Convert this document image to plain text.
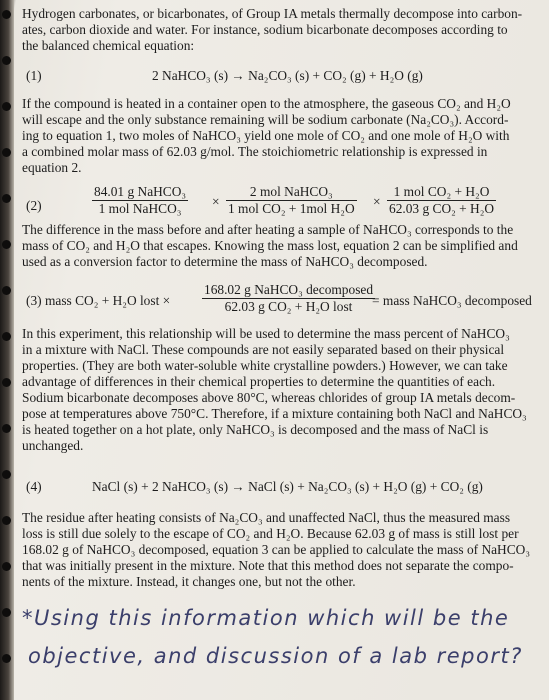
Hydrogen carbonates, or bicarbonates, of Group IA metals thermally decompose into carbon-
ates, carbon dioxide and water. For instance, sodium bicarbonate decomposes according to
the balanced chemical equation:
(1)	2 NaHCO₃ (s) → Na₂CO₃ (s) + CO₂ (g) + H₂O (g)
If the compound is heated in a container open to the atmosphere, the gaseous CO₂ and H₂O
will escape and the only substance remaining will be sodium carbonate (Na₂CO₃). Accord-
ing to equation 1, two moles of NaHCO₃ yield one mole of CO₂ and one mole of H₂O with
a combined molar mass of 62.03 g/mol. The stoichiometric relationship is expressed in
equation 2.
(2)
84.01 g NaHCO₃
1 mol NaHCO₃	×
2 mol NaHCO₃
1 mol CO₂ + 1mol H₂O ×
1 mol CO₂ + H₂O
62.03 g CO₂ + H₂O
The difference in the mass before and after heating a sample of NaHCO₃ corresponds to the
mass of CO₂ and H₂O that escapes. Knowing the mass lost, equation 2 can be simplified and
used as a conversion factor to determine the mass of NaHCO₃ decomposed.
(3) mass CO₂ + H₂O lost ×
168.02 g NaHCO₃ decomposed
62.03 g CO₂ + H₂O lost	= mass NaHCO₃ decomposed
In this experiment, this relationship will be used to determine the mass percent of NaHCO₃
in a mixture with NaCl. These compounds are not easily separated based on their physical
properties. (They are both water-soluble white crystalline powders.) However, we can take
advantage of differences in their chemical properties to determine the quantities of each.
Sodium bicarbonate decomposes above 80°C, whereas chlorides of group IA metals decom-
pose at temperatures above 750°C. Therefore, if a mixture containing both NaCl and NaHCO₃
is heated together on a hot plate, only NaHCO₃ is decomposed and the mass of NaCl is
unchanged.
(4)	NaCl (s) + 2 NaHCO₃ (s) → NaCl (s) + Na₂CO₃ (s) + H₂O (g) + CO₂ (g)
The residue after heating consists of Na₂CO₃ and unaffected NaCl, thus the measured mass
loss is still due solely to the escape of CO₂ and H₂O. Because 62.03 g of mass is still lost per
168.02 g of NaHCO₃ decomposed, equation 3 can be applied to calculate the mass of NaHCO₃
that was initially present in the mixture. Note that this method does not separate the compo-
nents of the mixture. Instead, it changes one, but not the other.
*Using this information which will be the
objective, and discussion of a lab report?
